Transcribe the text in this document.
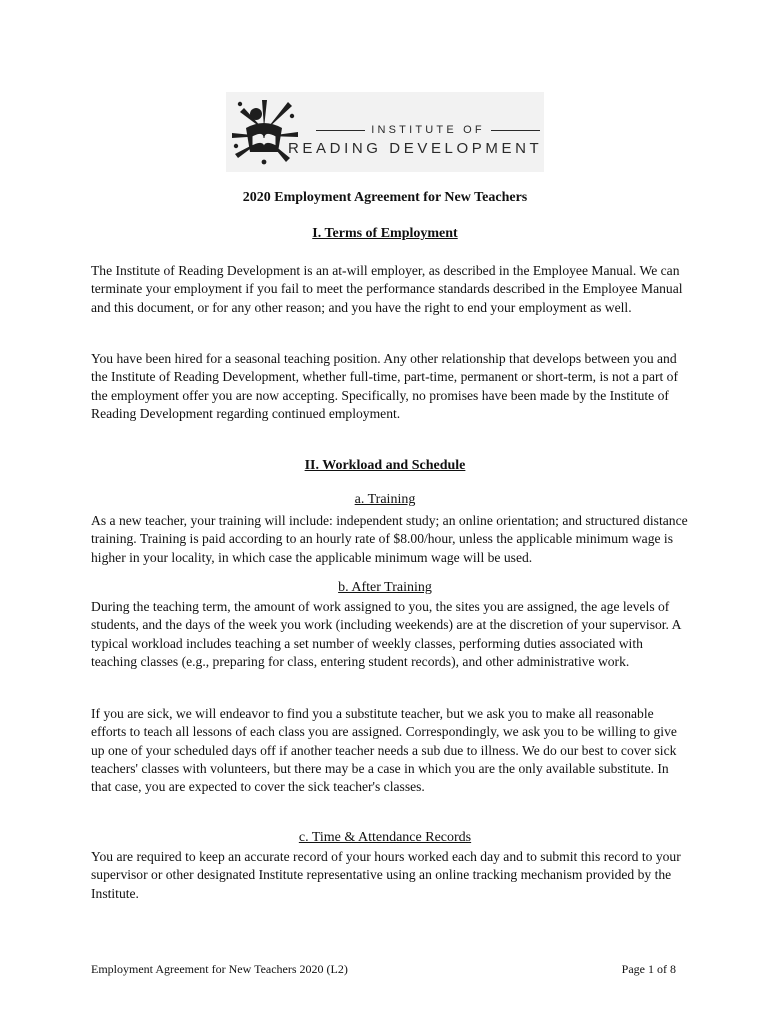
INSTITUTE OF
READING DEVELOPMENT
2020 Employment Agreement for New Teachers
I. Terms of Employment

The Institute of Reading Development is an at-will employer, as described in the Employee Manual. We can terminate your employment if you fail to meet the performance standards described in the Employee Manual and this document, or for any other reason; and you have the right to end your employment as well.

You have been hired for a seasonal teaching position. Any other relationship that develops between you and the Institute of Reading Development, whether full-time, part-time, permanent or short-term, is not a part of the employment offer you are now accepting. Specifically, no promises have been made by the Institute of Reading Development regarding continued employment.

II. Workload and Schedule
a. Training

As a new teacher, your training will include: independent study; an online orientation; and structured distance training. Training is paid according to an hourly rate of $8.00/hour, unless the applicable minimum wage is higher in your locality, in which case the applicable minimum wage will be used.

b. After Training

During the teaching term, the amount of work assigned to you, the sites you are assigned, the age levels of students, and the days of the week you work (including weekends) are at the discretion of your supervisor. A typical workload includes teaching a set number of weekly classes, performing duties associated with teaching classes (e.g., preparing for class, entering student records), and other administrative work.

If you are sick, we will endeavor to find you a substitute teacher, but we ask you to make all reasonable efforts to teach all lessons of each class you are assigned. Correspondingly, we ask you to be willing to give up one of your scheduled days off if another teacher needs a sub due to illness. We do our best to cover sick teachers' classes with volunteers, but there may be a case in which you are the only available substitute. In that case, you are expected to cover the sick teacher's classes.

c. Time & Attendance Records

You are required to keep an accurate record of your hours worked each day and to submit this record to your supervisor or other designated Institute representative using an online tracking mechanism provided by the Institute.

Employment Agreement for New Teachers 2020 (L2)	Page 1 of 8
